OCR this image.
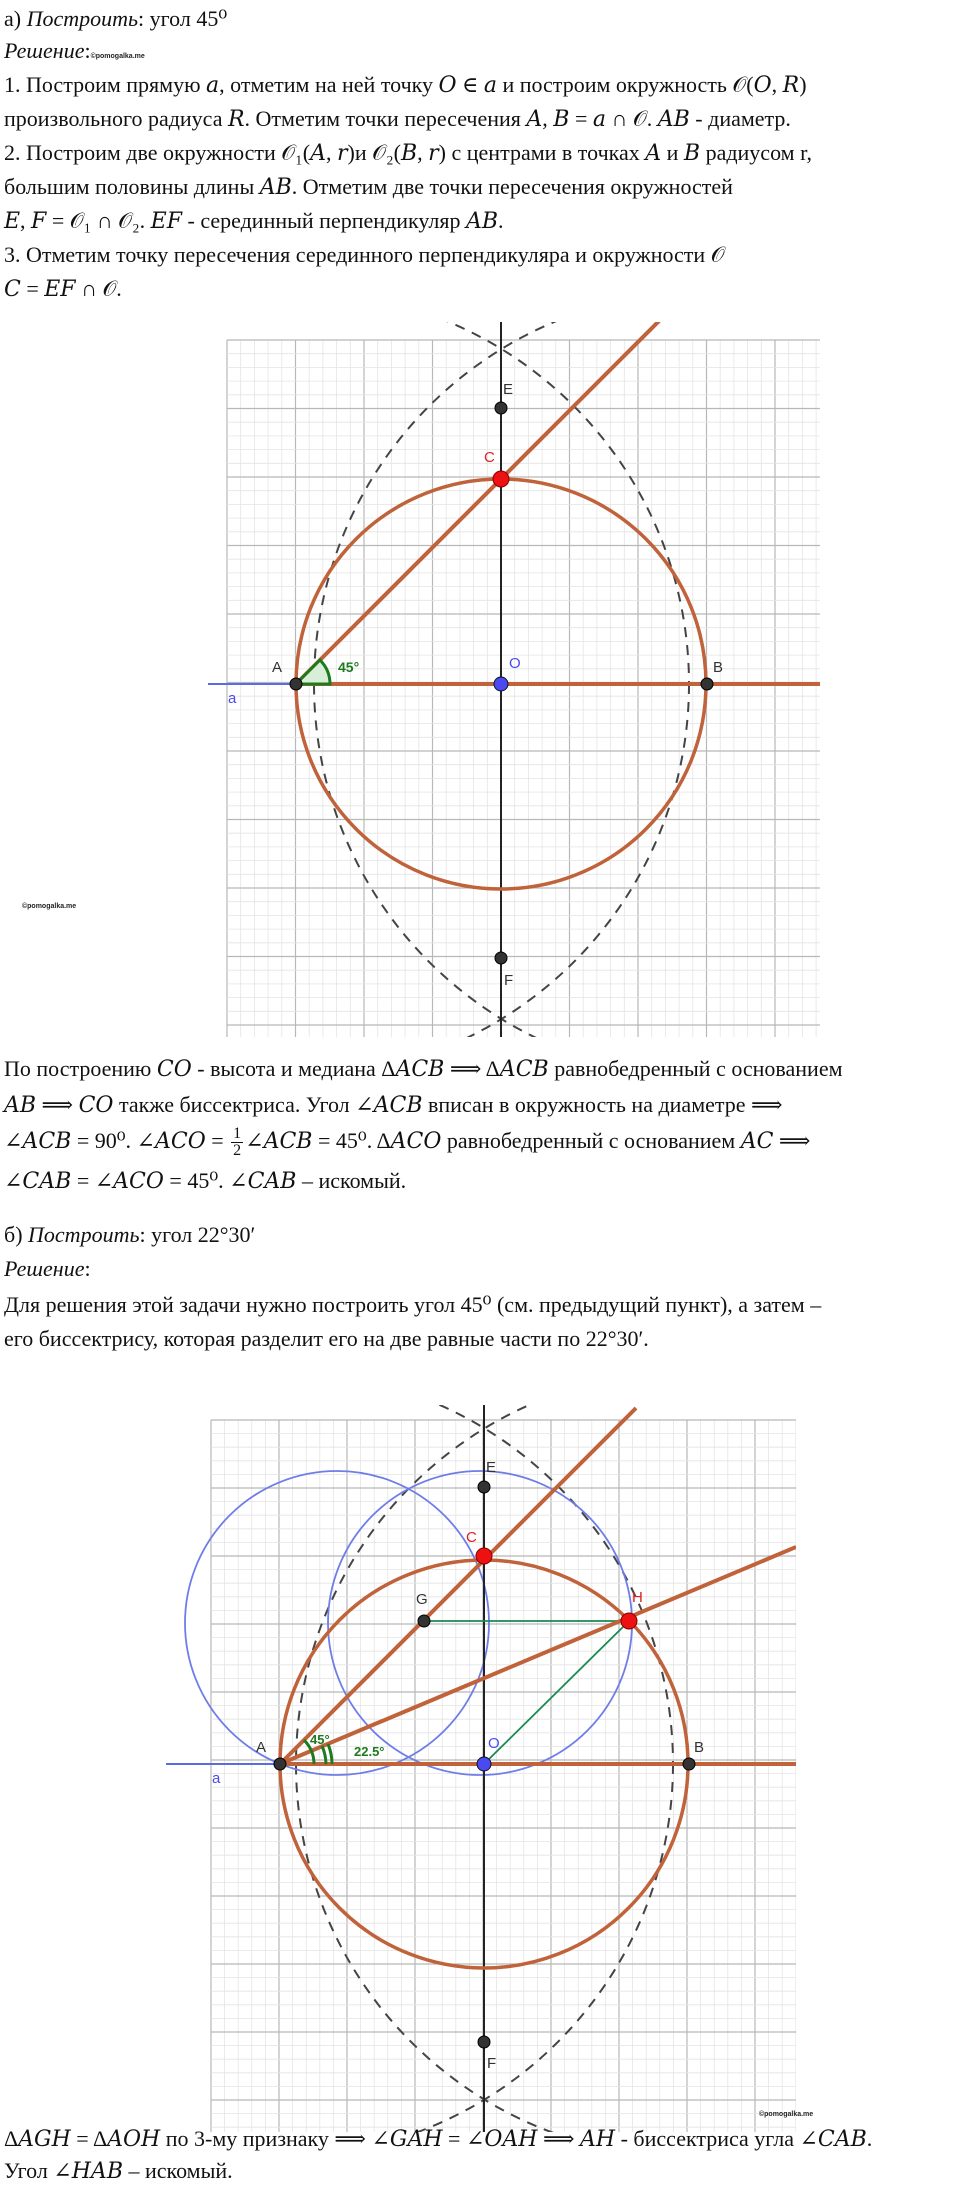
а) Построить: угол 45⁰

Решение:©pomogalka.me

1. Построим прямую 𝑎, отметим на ней точку 𝑂 ∈ 𝑎 и построим окружность 𝒪(𝑂, 𝑅)

произвольного радиуса 𝑅. Отметим точки пересечения 𝐴, 𝐵 = 𝑎 ∩ 𝒪. 𝐴𝐵 - диаметр.

2. Построим две окружности 𝒪₁(𝐴, 𝑟)и 𝒪₂(𝐵, 𝑟) с центрами в точках 𝐴 и 𝐵 радиусом r,

большим половины длины 𝐴𝐵. Отметим две точки пересечения окружностей

𝐸, 𝐹 = 𝒪₁ ∩ 𝒪₂. 𝐸𝐹 - серединный перпендикуляр 𝐴𝐵.

3. Отметим точку пересечения серединного перпендикуляра и окружности 𝒪

𝐶 = 𝐸𝐹 ∩ 𝒪.

E
C
A	O	B
F
a
45°
©pomogalka.me

По построению 𝐶𝑂 - высота и медиана Δ𝐴𝐶𝐵 ⟹ Δ𝐴𝐶𝐵 равнобедренный с основанием

𝐴𝐵 ⟹ 𝐶𝑂 также биссектриса. Угол ∠𝐴𝐶𝐵 вписан в окружность на диаметре ⟹

∠𝐴𝐶𝐵 = 90⁰. ∠𝐴𝐶𝑂 = $\frac{1}{2}$ ∠𝐴𝐶𝐵 = 45⁰. Δ𝐴𝐶𝑂 равнобедренный с основанием 𝐴𝐶 ⟹

∠𝐶𝐴𝐵 = ∠𝐴𝐶𝑂 = 45⁰. ∠𝐶𝐴𝐵 – искомый.

б) Построить: угол 22°30′

Решение:

Для решения этой задачи нужно построить угол 45⁰ (см. предыдущий пункт), а затем –

его биссектрису, которая разделит его на две равные части по 22°30′.

E
C
G	H
A	O	B
F
a
45°
22.5°
©pomogalka.me

Δ𝐴𝐺𝐻 = Δ𝐴𝑂𝐻 по 3-му признаку ⟹ ∠𝐺𝐴𝐻 = ∠𝑂𝐴𝐻 ⟹ 𝐴𝐻 - биссектриса угла ∠𝐶𝐴𝐵.

Угол ∠𝐻𝐴𝐵 – искомый.
